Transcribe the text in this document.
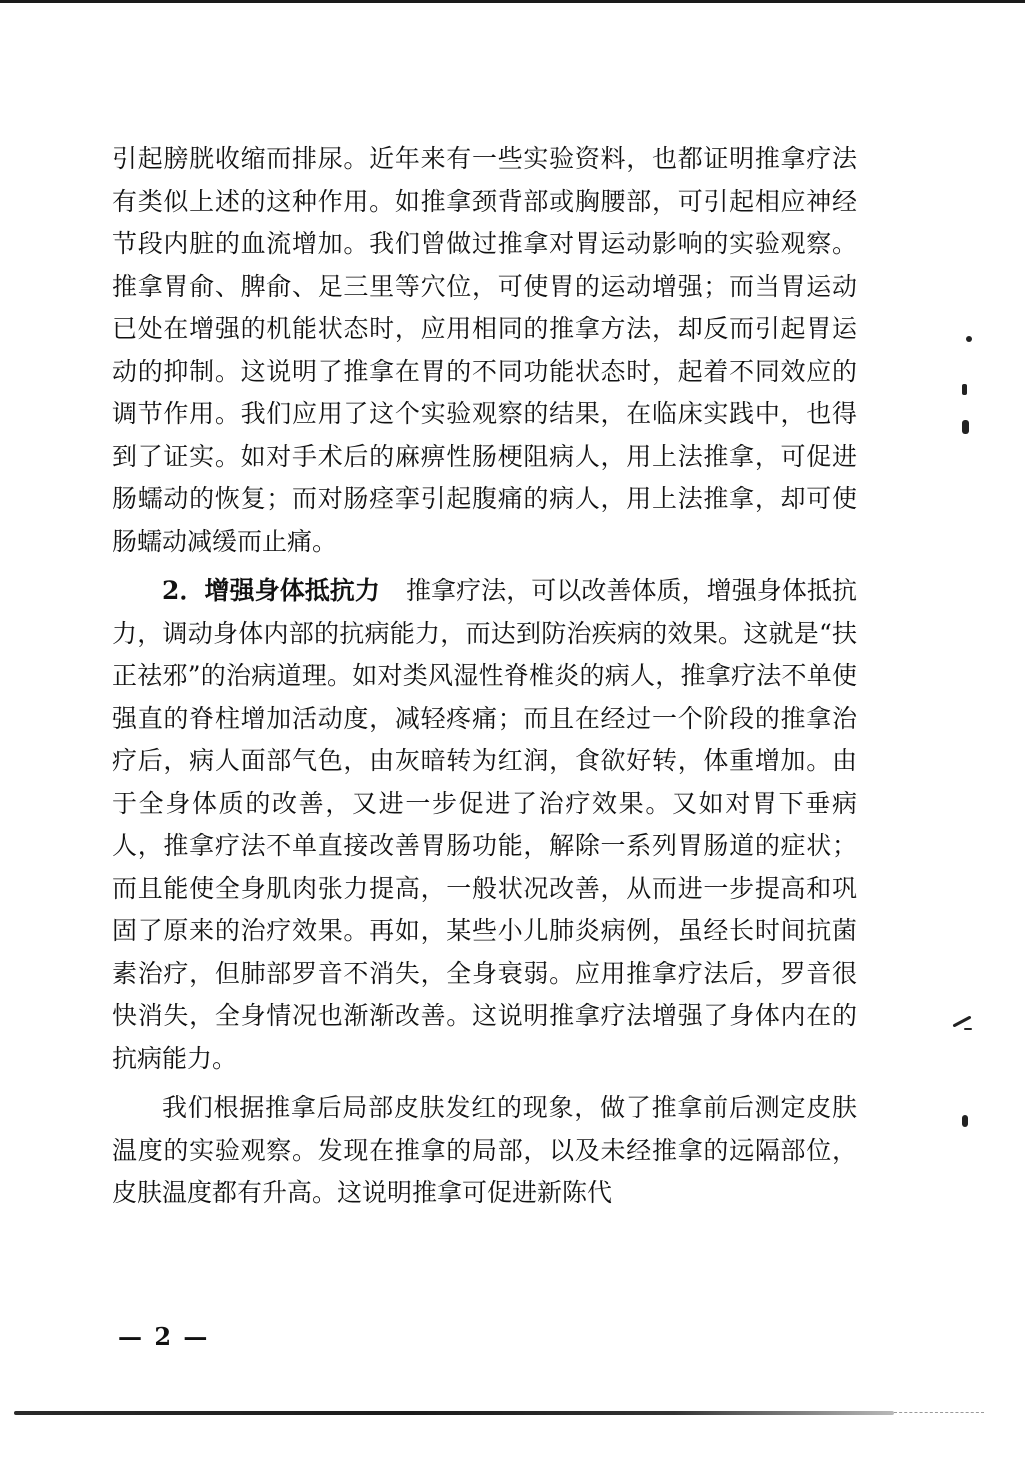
引起膀胱收缩而排尿。近年来有一些实验资料，也都证明推拿疗法有类似上述的这种作用。如推拿颈背部或胸腰部，可引起相应神经节段内脏的血流增加。我们曾做过推拿对胃运动影响的实验观察。推拿胃俞、脾俞、足三里等穴位，可使胃的运动增强；而当胃运动已处在增强的机能状态时，应用相同的推拿方法，却反而引起胃运动的抑制。这说明了推拿在胃的不同功能状态时，起着不同效应的调节作用。我们应用了这个实验观察的结果，在临床实践中，也得到了证实。如对手术后的麻痹性肠梗阻病人，用上法推拿，可促进肠蠕动的恢复；而对肠痉挛引起腹痛的病人，用上法推拿，却可使肠蠕动减缓而止痛。

2．增强身体抵抗力 推拿疗法，可以改善体质，增强身体抵抗力，调动身体内部的抗病能力，而达到防治疾病的效果。这就是“扶正祛邪”的治病道理。如对类风湿性脊椎炎的病人，推拿疗法不单使强直的脊柱增加活动度，减轻疼痛；而且在经过一个阶段的推拿治疗后，病人面部气色，由灰暗转为红润，食欲好转，体重增加。由于全身体质的改善，又进一步促进了治疗效果。又如对胃下垂病人，推拿疗法不单直接改善胃肠功能，解除一系列胃肠道的症状；而且能使全身肌肉张力提高，一般状况改善，从而进一步提高和巩固了原来的治疗效果。再如，某些小儿肺炎病例，虽经长时间抗菌素治疗，但肺部罗音不消失，全身衰弱。应用推拿疗法后，罗音很快消失，全身情况也渐渐改善。这说明推拿疗法增强了身体内在的抗病能力。

我们根据推拿后局部皮肤发红的现象，做了推拿前后测定皮肤温度的实验观察。发现在推拿的局部，以及未经推拿的远隔部位，皮肤温度都有升高。这说明推拿可促进新陈代

— 2 —
